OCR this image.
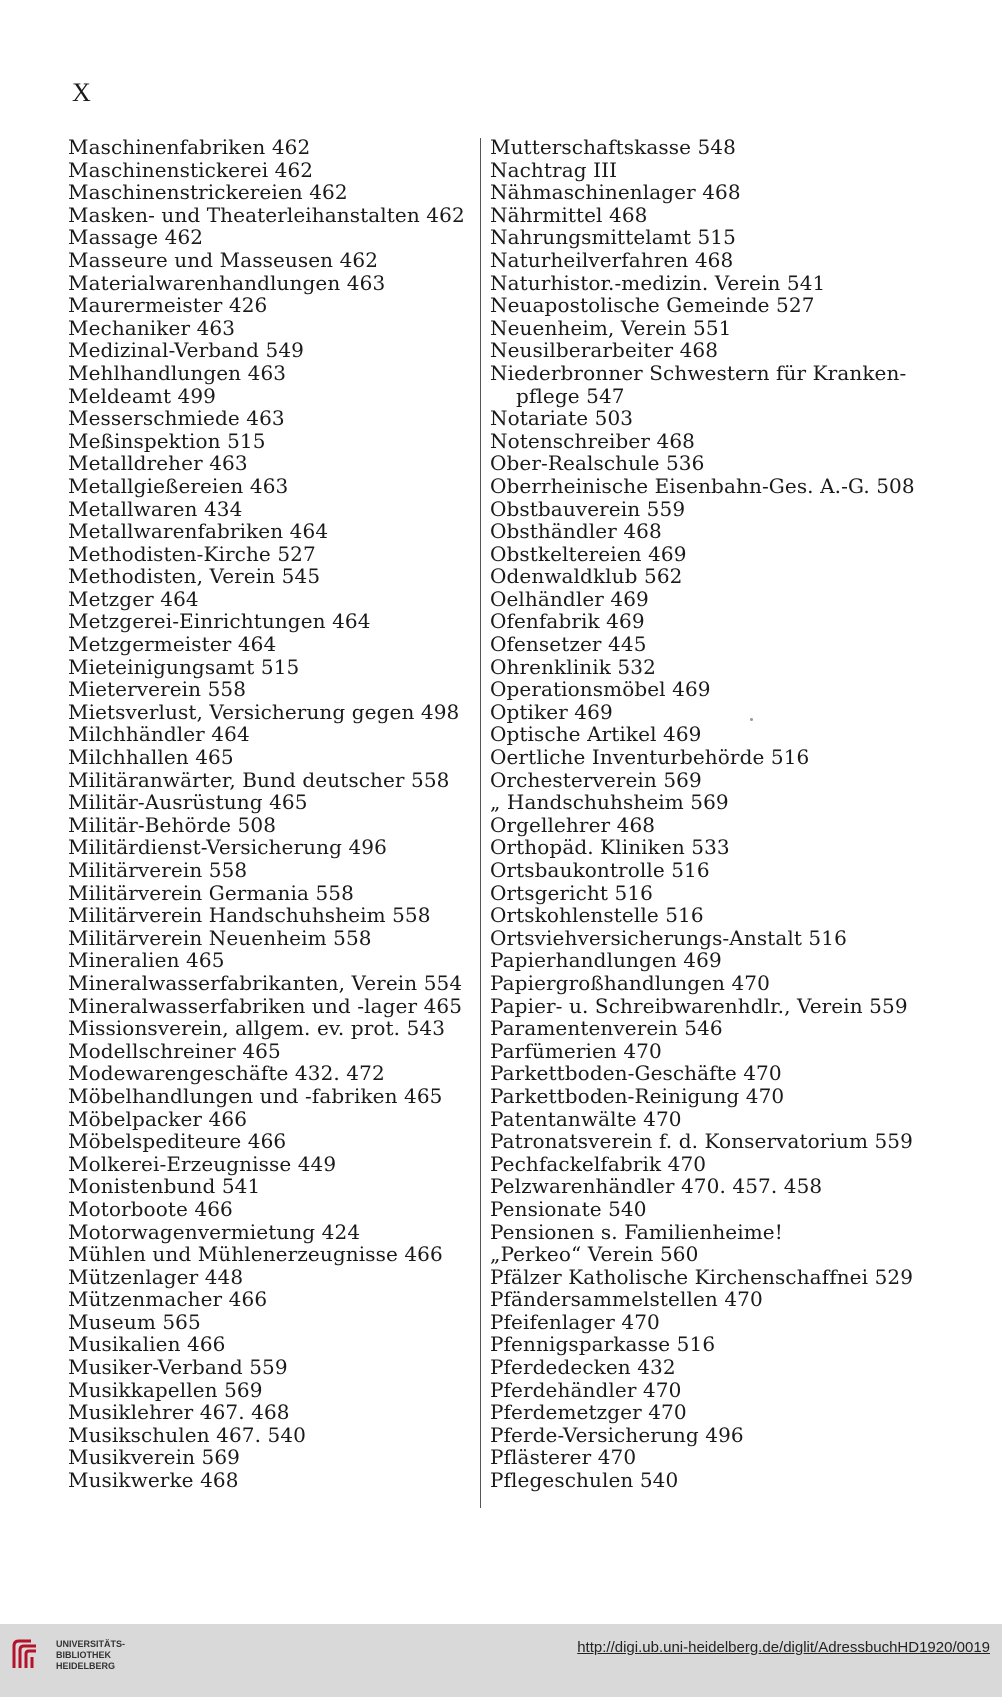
X
Maschinenfabriken 462
Maschinenstickerei 462
Maschinenstrickereien 462
Masken- und Theaterleihanstalten 462
Massage 462
Masseure und Masseusen 462
Materialwarenhandlungen 463
Maurermeister 426
Mechaniker 463
Medizinal-Verband 549
Mehlhandlungen 463
Meldeamt 499
Messerschmiede 463
Meßinspektion 515
Metalldreher 463
Metallgießereien 463
Metallwaren 434
Metallwarenfabriken 464
Methodisten-Kirche 527
Methodisten, Verein 545
Metzger 464
Metzgerei-Einrichtungen 464
Metzgermeister 464
Mieteinigungsamt 515
Mieterverein 558
Mietsverlust, Versicherung gegen 498
Milchhändler 464
Milchhallen 465
Militäranwärter, Bund deutscher 558
Militär-Ausrüstung 465
Militär-Behörde 508
Militärdienst-Versicherung 496
Militärverein 558
Militärverein Germania 558
Militärverein Handschuhsheim 558
Militärverein Neuenheim 558
Mineralien 465
Mineralwasserfabrikanten, Verein 554
Mineralwasserfabriken und -lager 465
Missionsverein, allgem. ev. prot. 543
Modellschreiner 465
Modewarengeschäfte 432. 472
Möbelhandlungen und -fabriken 465
Möbelpacker 466
Möbelspediteure 466
Molkerei-Erzeugnisse 449
Monistenbund 541
Motorboote 466
Motorwagenvermietung 424
Mühlen und Mühlenerzeugnisse 466
Mützenlager 448
Mützenmacher 466
Museum 565
Musikalien 466
Musiker-Verband 559
Musikkapellen 569
Musiklehrer 467. 468
Musikschulen 467. 540
Musikverein 569
Musikwerke 468
Mutterschaftskasse 548
Nachtrag III
Nähmaschinenlager 468
Nährmittel 468
Nahrungsmittelamt 515
Naturheilverfahren 468
Naturhistor.-medizin. Verein 541
Neuapostolische Gemeinde 527
Neuenheim, Verein 551
Neusilberarbeiter 468
Niederbronner Schwestern für Kranken-
pflege 547
Notariate 503
Notenschreiber 468
Ober-Realschule 536
Oberrheinische Eisenbahn-Ges. A.-G. 508
Obstbauverein 559
Obsthändler 468
Obstkeltereien 469
Odenwaldklub 562
Oelhändler 469
Ofenfabrik 469
Ofensetzer 445
Ohrenklinik 532
Operationsmöbel 469
Optiker 469
Optische Artikel 469
Oertliche Inventurbehörde 516
Orchesterverein 569
„ Handschuhsheim 569
Orgellehrer 468
Orthopäd. Kliniken 533
Ortsbaukontrolle 516
Ortsgericht 516
Ortskohlenstelle 516
Ortsviehversicherungs-Anstalt 516
Papierhandlungen 469
Papiergroßhandlungen 470
Papier- u. Schreibwarenhdlr., Verein 559
Paramentenverein 546
Parfümerien 470
Parkettboden-Geschäfte 470
Parkettboden-Reinigung 470
Patentanwälte 470
Patronatsverein f. d. Konservatorium 559
Pechfackelfabrik 470
Pelzwarenhändler 470. 457. 458
Pensionate 540
Pensionen s. Familienheime!
„Perkeo“ Verein 560
Pfälzer Katholische Kirchenschaffnei 529
Pfändersammelstellen 470
Pfeifenlager 470
Pfennigsparkasse 516
Pferdedecken 432
Pferdehändler 470
Pferdemetzger 470
Pferde-Versicherung 496
Pflästerer 470
Pflegeschulen 540
UNIVERSITÄTS-
BIBLIOTHEK
HEIDELBERG
http://digi.ub.uni-heidelberg.de/diglit/AdressbuchHD1920/0019
